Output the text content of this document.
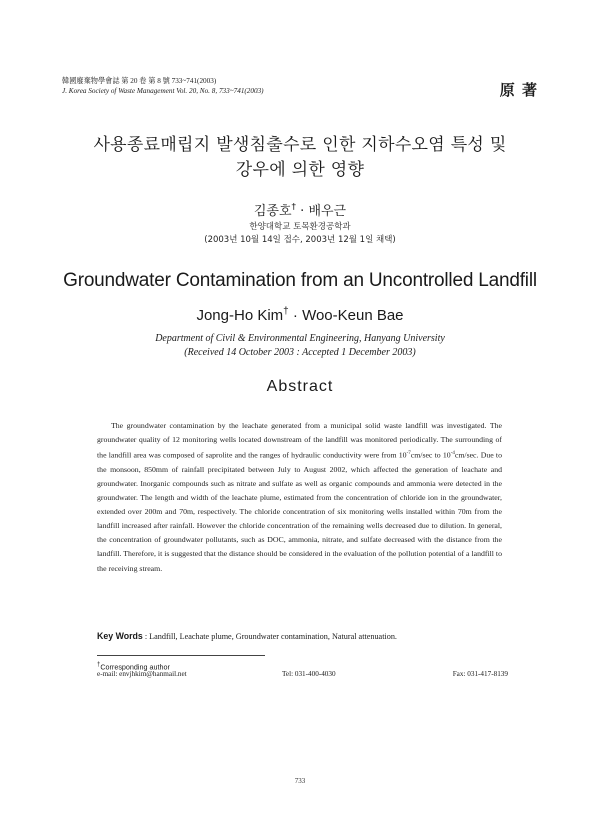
韓國廢棄物學會誌 第 20 卷 第 8 號 733~741(2003)
J. Korea Society of Waste Management Vol. 20, No. 8, 733~741(2003)	原 著
사용종료매립지 발생침출수로 인한 지하수오염 특성 및
강우에 의한 영향
김종호† · 배우근
한양대학교 토목환경공학과
(2003년 10월 14일 접수, 2003년 12월 1일 채택)
Groundwater Contamination from an Uncontrolled Landfill
Jong-Ho Kim† · Woo-Keun Bae
Department of Civil & Environmental Engineering, Hanyang University
(Received 14 October 2003 : Accepted 1 December 2003)
Abstract
The groundwater contamination by the leachate generated from a municipal solid waste landfill was investigated. The groundwater quality of 12 monitoring wells located downstream of the landfill was monitored periodically. The surrounding of the landfill area was composed of saprolite and the ranges of hydraulic conductivity were from $10^{-7}cm/\sec$ to $10^{-4}cm/\sec$. Due to the monsoon, 850mm of rainfall precipitated between July to August 2002, which affected the generation of leachate and groundwater. Inorganic compounds such as nitrate and sulfate as well as organic compounds and ammonia were detected in the groundwater. The length and width of the leachate plume, estimated from the concentration of chloride ion in the groundwater, extended over 200m and 70m, respectively. The chloride concentration of six monitoring wells installed within 70m from the landfill increased after rainfall. However the chloride concentration of the remaining wells decreased due to dilution. In general, the concentration of groundwater pollutants, such as DOC, ammonia, nitrate, and sulfate decreased with the distance from the landfill. Therefore, it is suggested that the distance should be considered in the evaluation of the pollution potential of a landfill to the receiving stream.
Key Words : Landfill, Leachate plume, Groundwater contamination, Natural attenuation.
†Corresponding author
e-mail: envjhkim@hanmail.net	Tel: 031-400-4030	Fax: 031-417-8139
733
